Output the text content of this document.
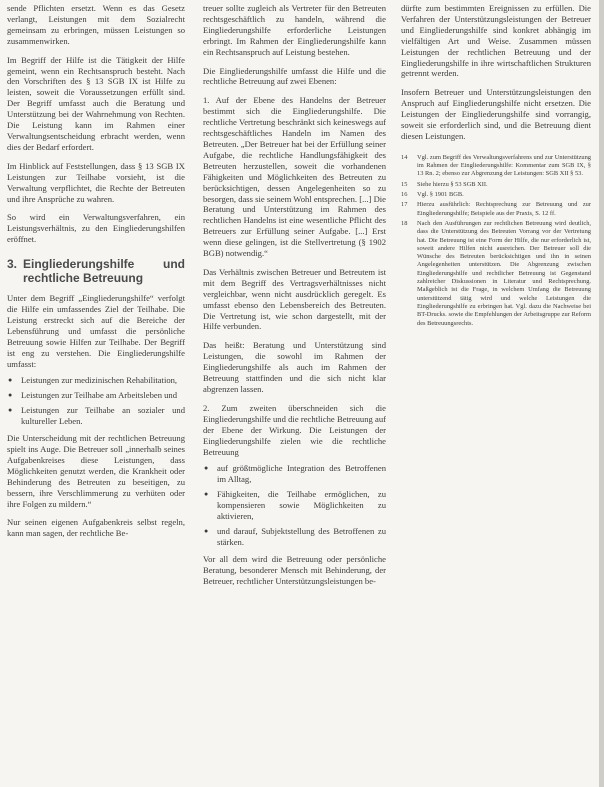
sende Pflichten ersetzt. Wenn es das Gesetz verlangt, Leistungen mit dem Sozialrecht gemeinsam zu erbringen, müssen Leistungen so zusammenwirken.

Im Begriff der Hilfe ist die Tätigkeit der Hilfe gemeint, wenn ein Rechtsanspruch besteht. Nach den Vorschriften des § 13 SGB IX ist Hilfe zu leisten, soweit die Voraussetzungen erfüllt sind. Der Begriff umfasst auch die Beratung und Unterstützung bei der Wahrnehmung von Rechten. Die Leistung kann im Rahmen einer Verwaltungsentscheidung erbracht werden, wenn dies der Bedarf erfordert.

Im Hinblick auf Feststellungen, dass § 13 SGB IX Leistungen zur Teilhabe vorsieht, ist die Verwaltung verpflichtet, die Rechte der Betreuten und ihre Ansprüche zu wahren.

So wird ein Verwaltungsverfahren, ein Leistungsverhältnis, zu den Eingliederungshilfen eröffnet.

3. Eingliederungshilfe und rechtliche Betreuung

Unter dem Begriff „Eingliederungshilfe“ verfolgt die Hilfe ein umfassendes Ziel der Teilhabe. Die Leistung erstreckt sich auf die Bereiche der Lebensführung und umfasst die persönliche Betreuung sowie Hilfen zur Teilhabe. Der Begriff ist eng zu verstehen. Die Eingliederungshilfe umfasst:

● Leistungen zur medizinischen Rehabilitation,
● Leistungen zur Teilhabe am Arbeitsleben und
● Leistungen zur Teilhabe an sozialer und kultureller Leben.

Die Unterscheidung mit der rechtlichen Betreuung spielt ins Auge. Die Betreuer soll „innerhalb seines Aufgabenkreises diese Leistungen, dass Möglichkeiten genutzt werden, die Krankheit oder Behinderung des Betreuten zu beseitigen, zu bessern, ihre Verschlimmerung zu verhüten oder ihre Folgen zu mildern.“

Nur seinen eigenen Aufgabenkreis selbst regeln, kann man sagen, der rechtliche Be-

treuer sollte zugleich als Vertreter für den Betreuten rechtsgeschäftlich zu handeln, während die Eingliederungshilfe erforderliche Leistungen erbringt. Im Rahmen der Eingliederungshilfe kann ein Rechtsanspruch auf Leistung bestehen.

Die Eingliederungshilfe umfasst die Hilfe und die rechtliche Betreuung auf zwei Ebenen:

1. Auf der Ebene des Handelns der Betreuer bestimmt sich die Eingliederungshilfe. Die rechtliche Vertretung beschränkt sich keineswegs auf rechtsgeschäftliches Handeln im Namen des Betreuten. „Der Betreuer hat bei der Erfüllung seiner Aufgabe, die rechtliche Handlungsfähigkeit des Betreuten herzustellen, soweit die vorhandenen Fähigkeiten und Möglichkeiten des Betreuten zu berücksichtigen, dessen Angelegenheiten so zu besorgen, dass sie seinem Wohl entsprechen. [...] Die Beratung und Unterstützung im Rahmen des rechtlichen Handelns ist eine wesentliche Pflicht des Betreuers zur Erfüllung seiner Aufgabe. [...] Erst wenn diese gelingen, ist die Stellvertretung (§ 1902 BGB) notwendig.“

Das Verhältnis zwischen Betreuer und Betreutem ist mit dem Begriff des Vertragsverhältnisses nicht vergleichbar, wenn nicht ausdrücklich geregelt. Es umfasst ebenso den Lebensbereich des Betreuten. Die Vertretung ist, wie schon dargestellt, mit der Hilfe verbunden.

Das heißt: Beratung und Unterstützung sind Leistungen, die sowohl im Rahmen der Eingliederungshilfe als auch im Rahmen der Betreuung stattfinden und die sich nicht klar abgrenzen lassen.

2. Zum zweiten überschneiden sich die Eingliederungshilfe und die rechtliche Betreuung auf der Ebene der Wirkung. Die Leistungen der Eingliederungshilfe zielen wie die rechtliche Betreuung

● auf größtmögliche Integration des Betroffenen im Alltag,
● Fähigkeiten, die Teilhabe ermöglichen, zu kompensieren sowie Möglichkeiten zu aktivieren,
● und darauf, Subjektstellung des Betroffenen zu stärken.

Vor all dem wird die Betreuung oder persönliche Beratung, besonderer Mensch mit Behinderung, der Betreuer, rechtlicher Unterstützungsleistungen be-

dürfte zum bestimmten Ereignissen zu erfüllen. Die Verfahren der Unterstützungsleistungen der Betreuer und Eingliederungshilfe sind konkret abhängig im vielfältigen Art und Weise. Zusammen müssen Leistungen der rechtlichen Betreuung und der Eingliederungshilfe in ihre wirtschaftlichen Strukturen getrennt werden.

Insofern Betreuer und Unterstützungsleistungen den Anspruch auf Eingliederungshilfe nicht ersetzen. Die Leistungen der Eingliederungshilfe sind vorrangig, soweit sie erforderlich sind, und die Betreuung dient diesen Leistungen.

14	Vgl. zum Begriff des Verwaltungsverfahrens und zur Unterstützung im Rahmen der Eingliederungshilfe: Kommentar zum SGB IX, § 13 Rn. 2; ebenso zur Abgrenzung der Leistungen: SGB XII § 53.
15	Siehe hierzu § 53 SGB XII.
16	Vgl. § 1901 BGB.
17	Hierzu ausführlich: Rechtsprechung zur Betreuung und zur Eingliederungshilfe; Beispiele aus der Praxis, S. 12 ff.
18	Nach den Ausführungen zur rechtlichen Betreuung wird deutlich, dass die Unterstützung des Betreuten Vorrang vor der Vertretung hat. Die Betreuung ist eine Form der Hilfe, die nur erforderlich ist, soweit andere Hilfen nicht ausreichen. Der Betreuer soll die Wünsche des Betreuten berücksichtigen und ihn in seinen Angelegenheiten unterstützen. Die Abgrenzung zwischen Eingliederungshilfe und rechtlicher Betreuung ist Gegenstand zahlreicher Diskussionen in Literatur und Rechtsprechung. Maßgeblich ist die Frage, in welchem Umfang die Betreuung unterstützend tätig wird und welche Leistungen die Eingliederungshilfe zu erbringen hat. Vgl. dazu die Nachweise bei BT-Drucks. sowie die Empfehlungen der Arbeitsgruppe zur Reform des Betreuungsrechts.
